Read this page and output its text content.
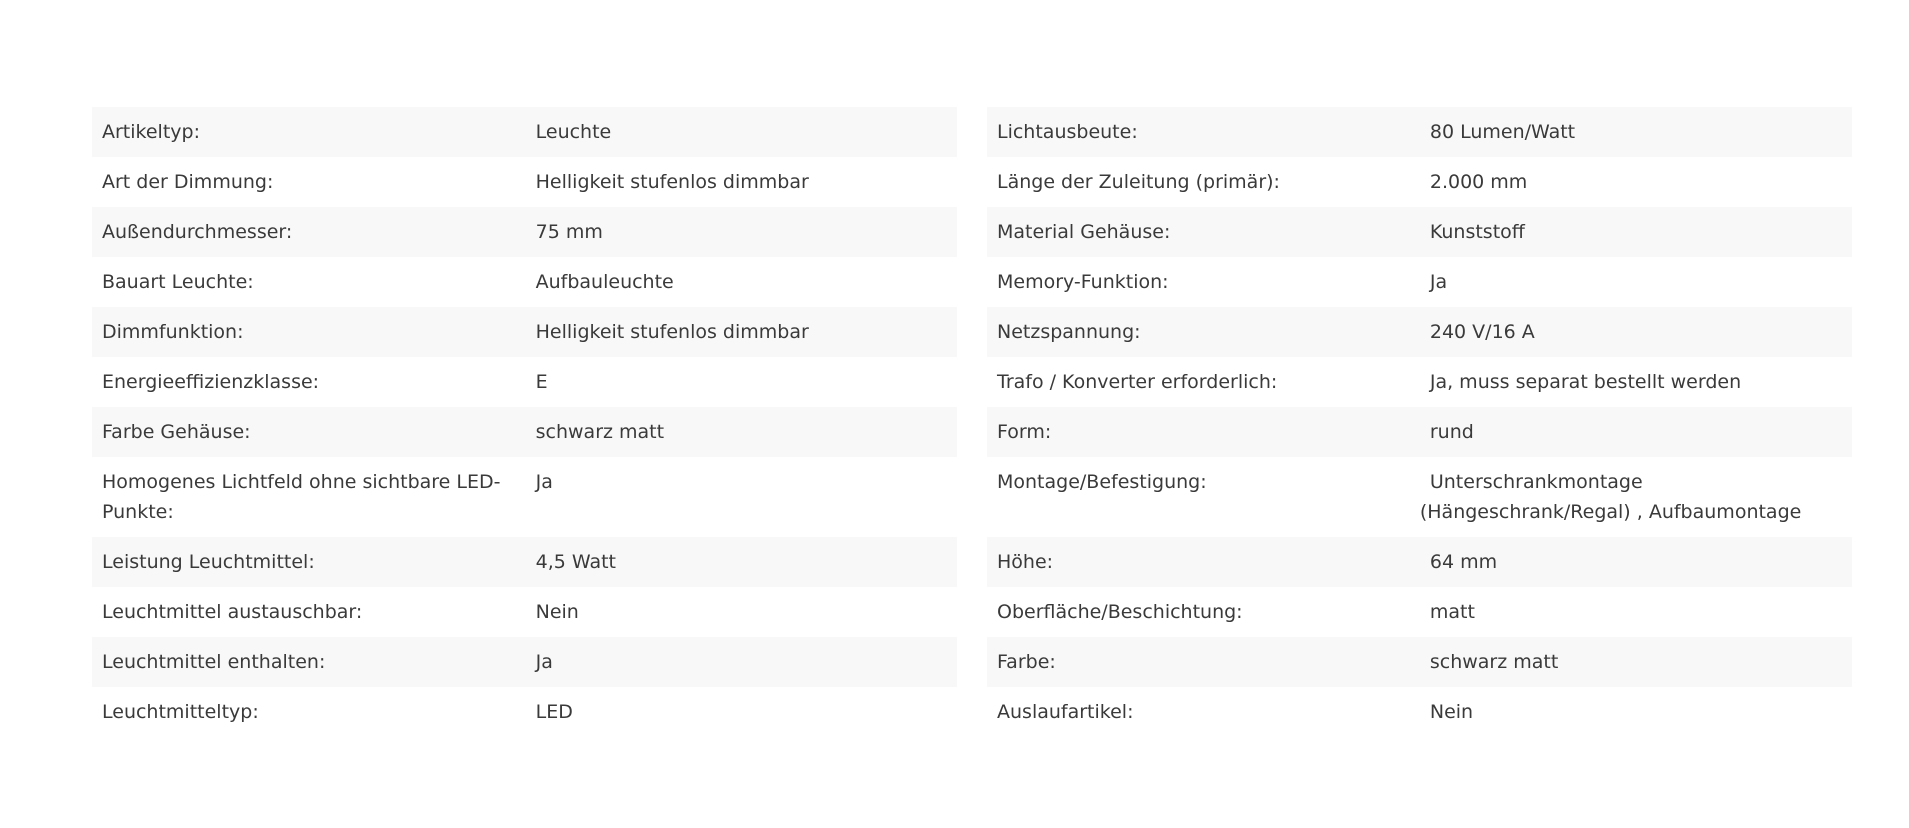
Artikeltyp:	Leuchte
Art der Dimmung:	Helligkeit stufenlos dimmbar
Außendurchmesser:	75 mm
Bauart Leuchte:	Aufbauleuchte
Dimmfunktion:	Helligkeit stufenlos dimmbar
Energieeffizienzklasse:	E
Farbe Gehäuse:	schwarz matt
Homogenes Lichtfeld ohne sichtbare LED-Punkte:	Ja
Leistung Leuchtmittel:	4,5 Watt
Leuchtmittel austauschbar:	Nein
Leuchtmittel enthalten:	Ja
Leuchtmitteltyp:	LED
Lichtausbeute:	80 Lumen/Watt
Länge der Zuleitung (primär):	2.000 mm
Material Gehäuse:	Kunststoff
Memory-Funktion:	Ja
Netzspannung:	240 V/16 A
Trafo / Konverter erforderlich:	Ja, muss separat bestellt werden
Form:	rund
Montage/Befestigung:	Unterschrankmontage
(Hängeschrank/Regal) , Aufbaumontage

Höhe:	64 mm
Oberfläche/Beschichtung:	matt
Farbe:	schwarz matt
Auslaufartikel:	Nein
